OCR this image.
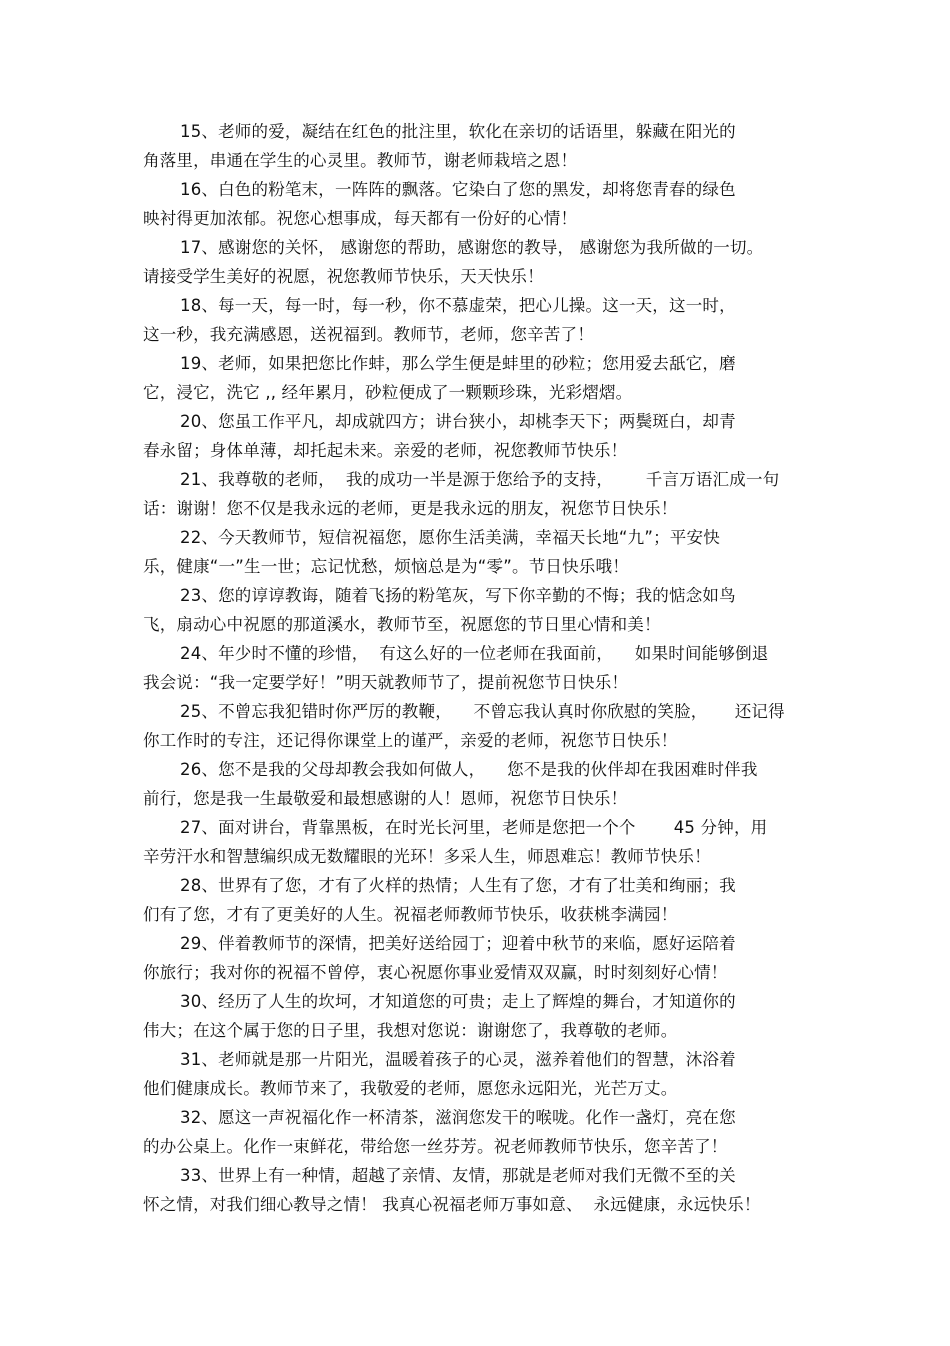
15、老师的爱，凝结在红色的批注里，软化在亲切的话语里，躲藏在阳光的
角落里，串通在学生的心灵里。教师节，谢老师栽培之恩！
16、白色的粉笔末，一阵阵的飘落。它染白了您的黑发，却将您青春的绿色
映衬得更加浓郁。祝您心想事成，每天都有一份好的心情！
17、感谢您的关怀， 感谢您的帮助，感谢您的教导， 感谢您为我所做的一切。
请接受学生美好的祝愿，祝您教师节快乐，天天快乐！
18、每一天，每一时，每一秒，你不慕虚荣，把心儿操。这一天，这一时，
这一秒，我充满感恩，送祝福到。教师节，老师，您辛苦了！
19、老师，如果把您比作蚌，那么学生便是蚌里的砂粒；您用爱去舐它，磨
它，浸它，洗它 ,, 经年累月，砂粒便成了一颗颗珍珠，光彩熠熠。
20、您虽工作平凡，却成就四方；讲台狭小，却桃李天下；两鬓斑白，却青
春永留；身体单薄，却托起未来。亲爱的老师，祝您教师节快乐！
21、我尊敬的老师，  我的成功一半是源于您给予的支持，      千言万语汇成一句
话：谢谢！您不仅是我永远的老师，更是我永远的朋友，祝您节日快乐！
22、今天教师节，短信祝福您，愿你生活美满，幸福天长地“九”；平安快
乐，健康“一”生一世；忘记忧愁，烦恼总是为“零”。节日快乐哦！
23、您的谆谆教诲，随着飞扬的粉笔灰，写下你辛勤的不悔；我的惦念如鸟
飞，扇动心中祝愿的那道溪水，教师节至，祝愿您的节日里心情和美！
24、年少时不懂的珍惜，  有这么好的一位老师在我面前，    如果时间能够倒退
我会说：“我一定要学好！”明天就教师节了，提前祝您节日快乐！
25、不曾忘我犯错时你严厉的教鞭，    不曾忘我认真时你欣慰的笑脸，     还记得
你工作时的专注，还记得你课堂上的谨严，亲爱的老师，祝您节日快乐！
26、您不是我的父母却教会我如何做人，    您不是我的伙伴却在我困难时伴我
前行，您是我一生最敬爱和最想感谢的人！恩师，祝您节日快乐！
27、面对讲台，背靠黑板，在时光长河里，老师是您把一个个       45 分钟，用
辛劳汗水和智慧编织成无数耀眼的光环！多采人生，师恩难忘！教师节快乐！
28、世界有了您，才有了火样的热情；人生有了您，才有了壮美和绚丽；我
们有了您，才有了更美好的人生。祝福老师教师节快乐，收获桃李满园！
29、伴着教师节的深情，把美好送给园丁；迎着中秋节的来临，愿好运陪着
你旅行；我对你的祝福不曾停，衷心祝愿你事业爱情双双赢，时时刻刻好心情！
30、经历了人生的坎坷，才知道您的可贵；走上了辉煌的舞台，才知道你的
伟大；在这个属于您的日子里，我想对您说：谢谢您了，我尊敬的老师。
31、老师就是那一片阳光，温暖着孩子的心灵，滋养着他们的智慧，沐浴着
他们健康成长。教师节来了，我敬爱的老师，愿您永远阳光，光芒万丈。
32、愿这一声祝福化作一杯清茶，滋润您发干的喉咙。化作一盏灯，亮在您
的办公桌上。化作一束鲜花，带给您一丝芬芳。祝老师教师节快乐，您辛苦了！
33、世界上有一种情，超越了亲情、友情，那就是老师对我们无微不至的关
怀之情，对我们细心教导之情！ 我真心祝福老师万事如意、  永远健康，永远快乐！
